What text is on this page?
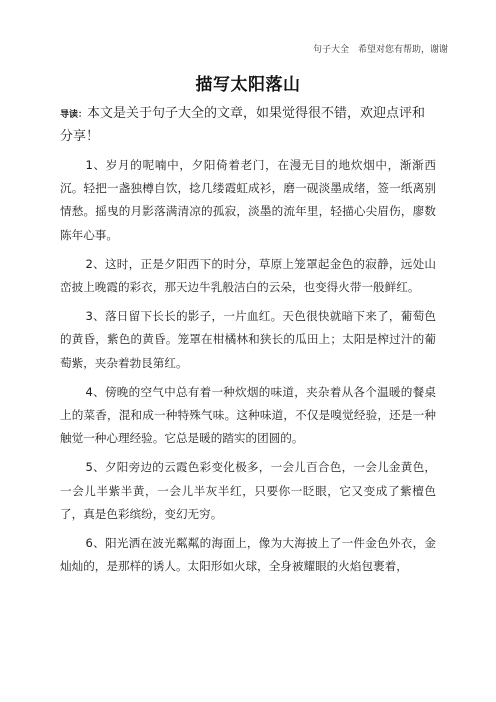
句子大全　希望对您有帮助，谢谢
描写太阳落山
导读：本文是关于句子大全的文章，如果觉得很不错，欢迎点评和分享！
1、岁月的呢喃中，夕阳倚着老门，在漫无目的地炊烟中，渐渐西沉。轻把一盏独樽自饮，捻几缕霞虹成衫，磨一砚淡墨成绪，签一纸离别情愁。摇曳的月影落满清凉的孤寂，淡墨的流年里，轻描心尖眉伤，廖数陈年心事。
2、这时，正是夕阳西下的时分，草原上笼罩起金色的寂静，远处山峦披上晚霞的彩衣，那天边牛乳般洁白的云朵，也变得火带一般鲜红。
3、落日留下长长的影子，一片血红。天色很快就暗下来了，葡萄色的黄昏，紫色的黄昏。笼罩在柑橘林和狭长的瓜田上；太阳是榨过汁的葡萄紫，夹杂着勃艮第红。
4、傍晚的空气中总有着一种炊烟的味道，夹杂着从各个温暖的餐桌上的菜香，混和成一种特殊气味。这种味道，不仅是嗅觉经验，还是一种触觉一种心理经验。它总是暖的踏实的团圆的。
5、夕阳旁边的云霞色彩变化极多，一会儿百合色，一会儿金黄色，一会儿半紫半黄，一会儿半灰半红，只要你一眨眼，它又变成了紫檀色了，真是色彩缤纷，变幻无穷。
6、阳光洒在波光粼粼的海面上，像为大海披上了一件金色外衣，金灿灿的，是那样的诱人。太阳形如火球，全身被耀眼的火焰包裹着，
